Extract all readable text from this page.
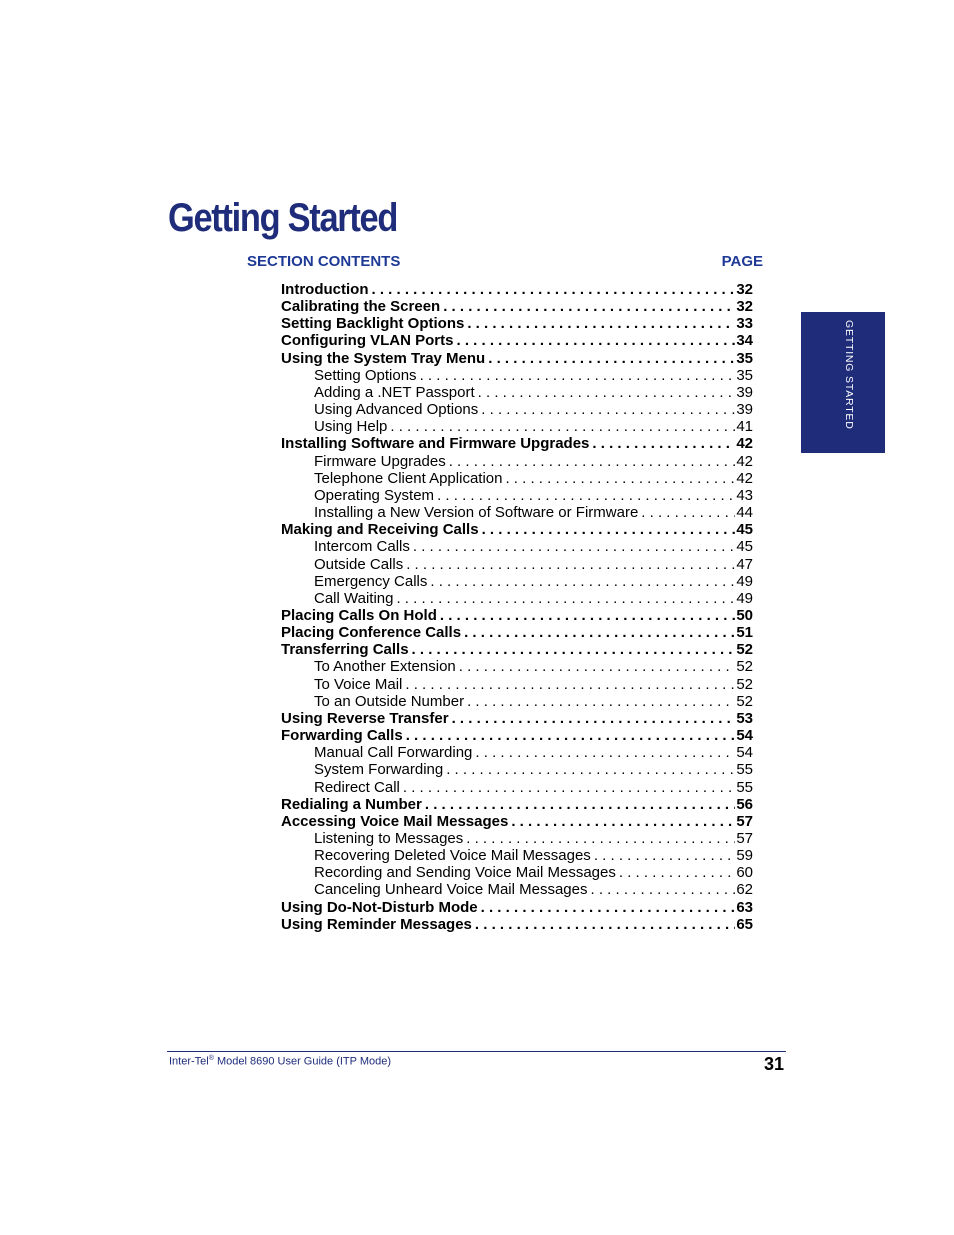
Getting Started
SECTION CONTENTS	PAGE
Introduction . . .	32
Calibrating the Screen . . .	32
Setting Backlight Options . . .	33
Configuring VLAN Ports . . .	34
Using the System Tray Menu . . .	35
Setting Options . . .	35
Adding a .NET Passport . . .	39
Using Advanced Options . . .	39
Using Help . . .	41
Installing Software and Firmware Upgrades . . .	42
Firmware Upgrades . . .	42
Telephone Client Application . . .	42
Operating System . . .	43
Installing a New Version of Software or Firmware . . .	44
Making and Receiving Calls . . .	45
Intercom Calls . . .	45
Outside Calls . . .	47
Emergency Calls . . .	49
Call Waiting . . .	49
Placing Calls On Hold . . .	50
Placing Conference Calls . . .	51
Transferring Calls . . .	52
To Another Extension . . .	52
To Voice Mail . . .	52
To an Outside Number . . .	52
Using Reverse Transfer . . .	53
Forwarding Calls . . .	54
Manual Call Forwarding . . .	54
System Forwarding . . .	55
Redirect Call . . .	55
Redialing a Number . . .	56
Accessing Voice Mail Messages . . .	57
Listening to Messages . . .	57
Recovering Deleted Voice Mail Messages . . .	59
Recording and Sending Voice Mail Messages . . .	60
Canceling Unheard Voice Mail Messages . . .	62
Using Do-Not-Disturb Mode . . .	63
Using Reminder Messages . . .	65
GETTING STARTED
Inter-Tel® Model 8690 User Guide (ITP Mode)	31
